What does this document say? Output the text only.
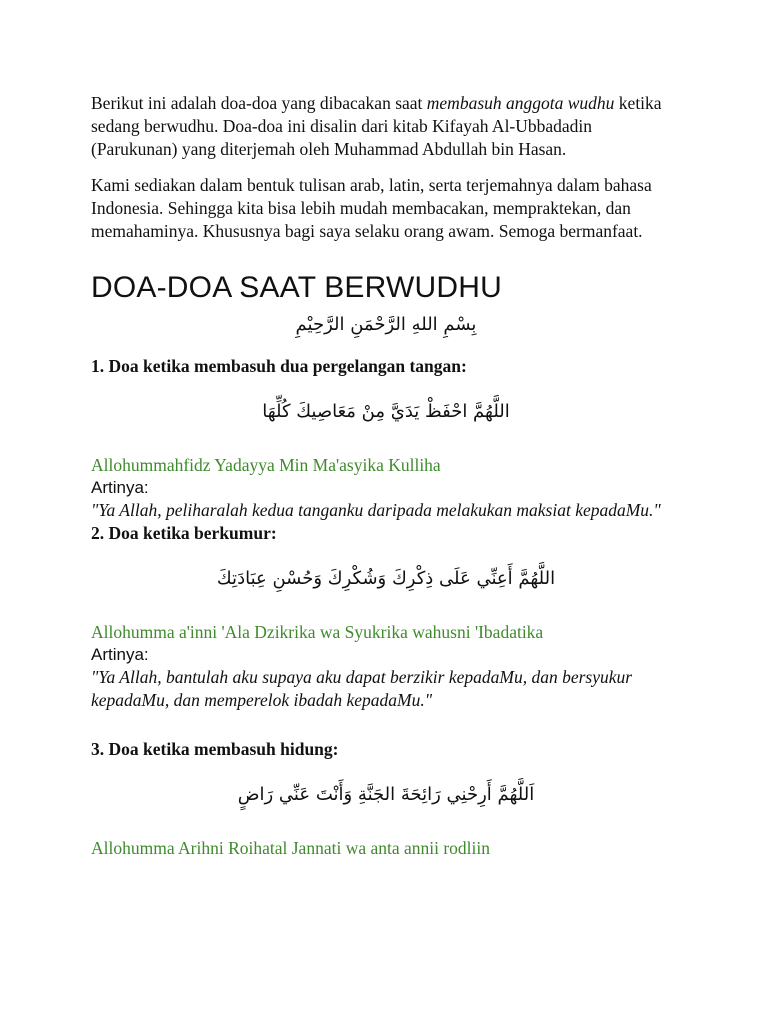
Berikut ini adalah doa-doa yang dibacakan saat membasuh anggota wudhu ketika sedang berwudhu. Doa-doa ini disalin dari kitab Kifayah Al-Ubbadadin (Parukunan) yang diterjemah oleh Muhammad Abdullah bin Hasan.

Kami sediakan dalam bentuk tulisan arab, latin, serta terjemahnya dalam bahasa Indonesia. Sehingga kita bisa lebih mudah membacakan, mempraktekan, dan memahaminya. Khususnya bagi saya selaku orang awam. Semoga bermanfaat.

DOA-DOA SAAT BERWUDHU
بِسْمِ اللهِ الرَّحْمَنِ الرَّحِيْمِ

1. Doa ketika membasuh dua pergelangan tangan:

اللَّهُمَّ احْفَظْ يَدَيَّ مِنْ مَعَاصِيكَ كُلِّهَا
Allohummahfidz Yadayya Min Ma'asyika Kulliha
Artinya:
"Ya Allah, peliharalah kedua tanganku daripada melakukan maksiat kepadaMu."

2. Doa ketika berkumur:

اللَّهُمَّ أَعِنِّي عَلَى ذِكْرِكَ وَشُكْرِكَ وَحُسْنِ عِبَادَتِكَ
Allohumma a'inni 'Ala Dzikrika wa Syukrika wahusni 'Ibadatika
Artinya:
"Ya Allah, bantulah aku supaya aku dapat berzikir kepadaMu, dan bersyukur kepadaMu, dan memperelok ibadah kepadaMu."

3. Doa ketika membasuh hidung:

اَللَّهُمَّ أَرِحْنِي رَائِحَةَ الجَنَّةِ وَأَنْتَ عَنِّي رَاضٍ
Allohumma Arihni Roihatal Jannati wa anta annii rodliin
